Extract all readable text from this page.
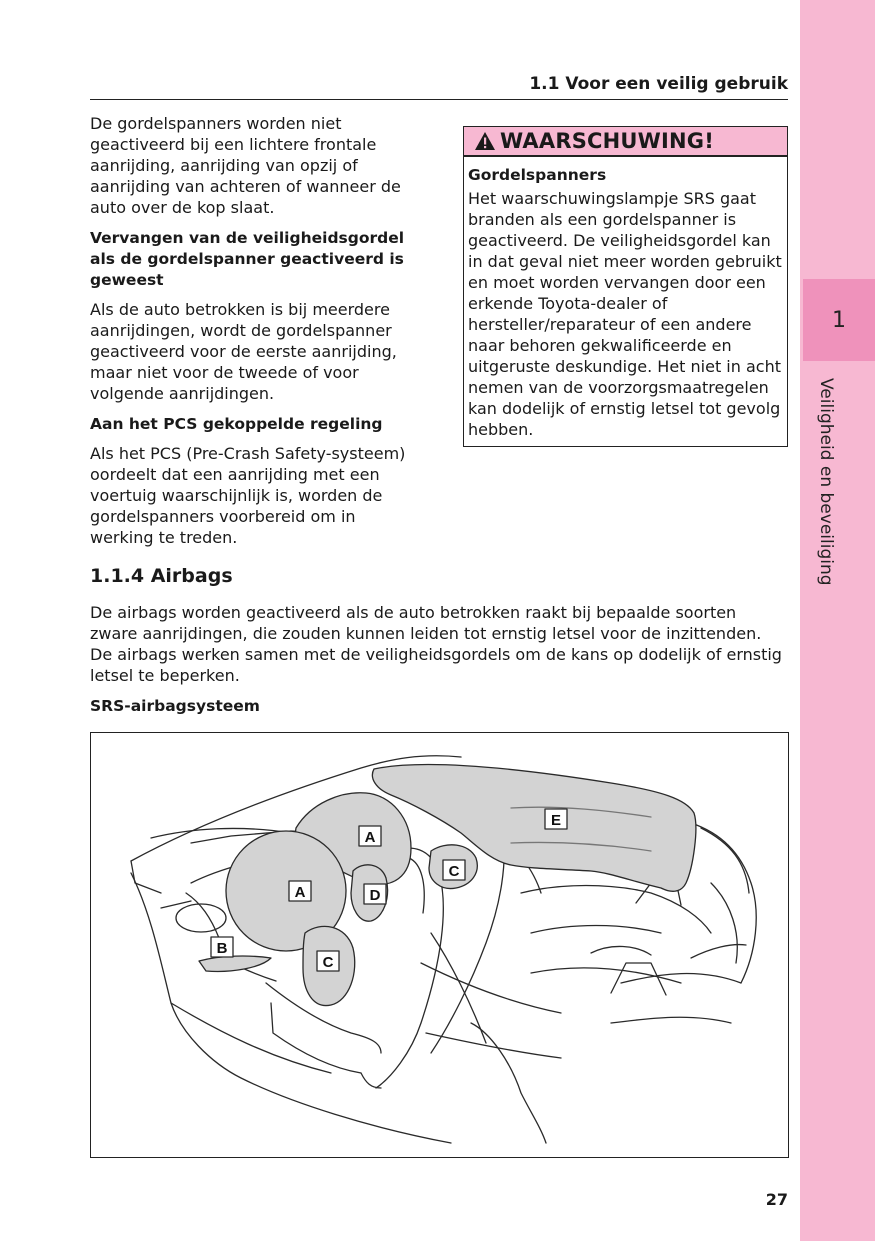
1
Veiligheid en beveiliging
1.1 Voor een veilig gebruik

De gordelspanners worden niet geactiveerd bij een lichtere frontale aanrijding, aanrijding van opzij of aanrijding van achteren of wanneer de auto over de kop slaat.

Vervangen van de veiligheidsgordel als de gordelspanner geactiveerd is geweest

Als de auto betrokken is bij meerdere aanrijdingen, wordt de gordelspanner geactiveerd voor de eerste aanrijding, maar niet voor de tweede of voor volgende aanrijdingen.

Aan het PCS gekoppelde regeling

Als het PCS (Pre-Crash Safety-systeem) oordeelt dat een aanrijding met een voertuig waarschijnlijk is, worden de gordelspanners voorbereid om in werking te treden.

WAARSCHUWING!
Gordelspanners

Het waarschuwingslampje SRS gaat branden als een gordelspanner is geactiveerd. De veiligheidsgordel kan in dat geval niet meer worden gebruikt en moet worden vervangen door een erkende Toyota-dealer of hersteller/reparateur of een andere naar behoren gekwalificeerde en uitgeruste deskundige. Het niet in acht nemen van de voorzorgsmaatregelen kan dodelijk of ernstig letsel tot gevolg hebben.

1.1.4 Airbags

De airbags worden geactiveerd als de auto betrokken raakt bij bepaalde soorten zware aanrijdingen, die zouden kunnen leiden tot ernstig letsel voor de inzittenden. De airbags werken samen met de veiligheidsgordels om de kans op dodelijk of ernstig letsel te beperken.

SRS-airbagsysteem
A
A
B
C
D
C
E
27
